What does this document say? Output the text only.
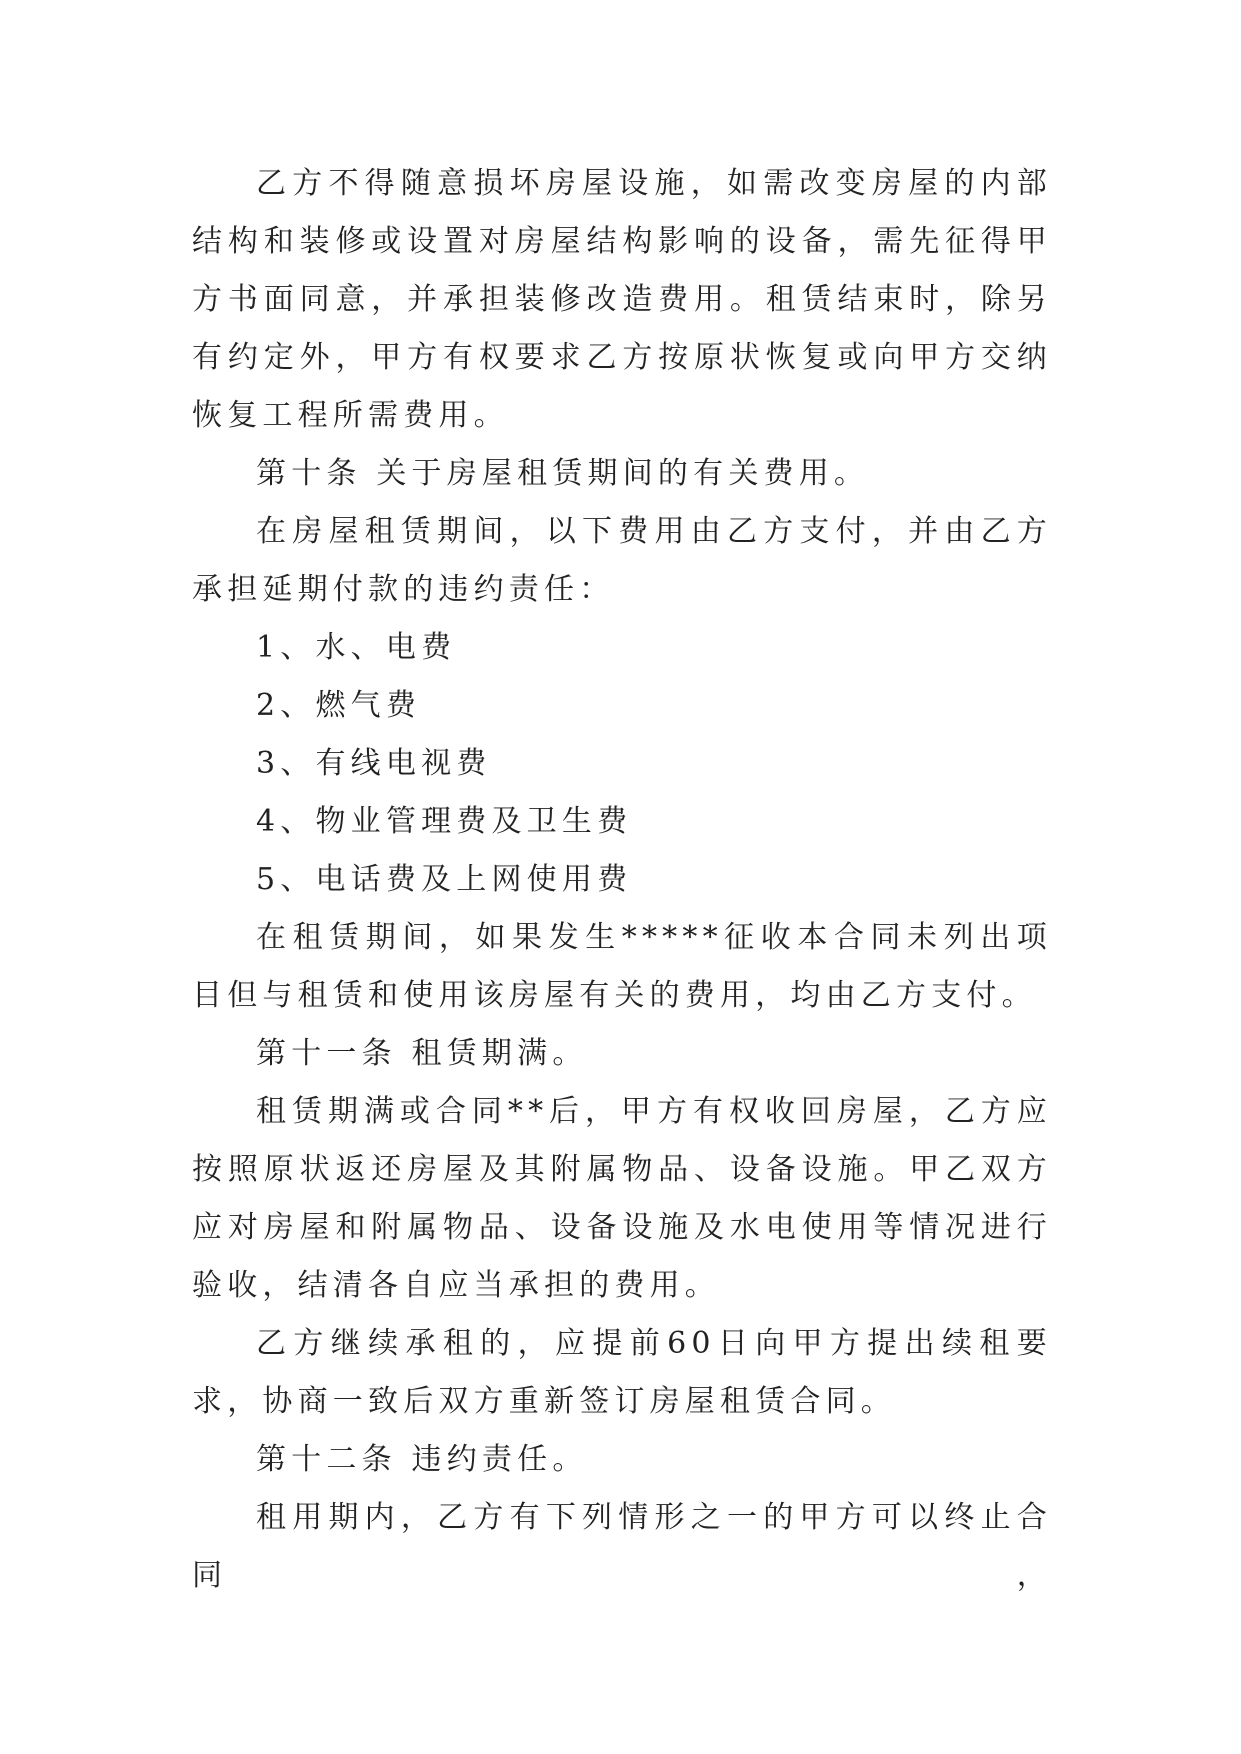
乙方不得随意损坏房屋设施，如需改变房屋的内部结构和装修或设置对房屋结构影响的设备，需先征得甲方书面同意，并承担装修改造费用。租赁结束时，除另有约定外，甲方有权要求乙方按原状恢复或向甲方交纳恢复工程所需费用。

第十条 关于房屋租赁期间的有关费用。

在房屋租赁期间，以下费用由乙方支付，并由乙方承担延期付款的违约责任：

1、水、电费

2、燃气费

3、有线电视费

4、物业管理费及卫生费

5、电话费及上网使用费

在租赁期间，如果发生*****征收本合同未列出项目但与租赁和使用该房屋有关的费用，均由乙方支付。

第十一条 租赁期满。

租赁期满或合同**后，甲方有权收回房屋，乙方应按照原状返还房屋及其附属物品、设备设施。甲乙双方应对房屋和附属物品、设备设施及水电使用等情况进行验收，结清各自应当承担的费用。

乙方继续承租的，应提前60日向甲方提出续租要求，协商一致后双方重新签订房屋租赁合同。

第十二条 违约责任。

租用期内，乙方有下列情形之一的甲方可以终止合同，
